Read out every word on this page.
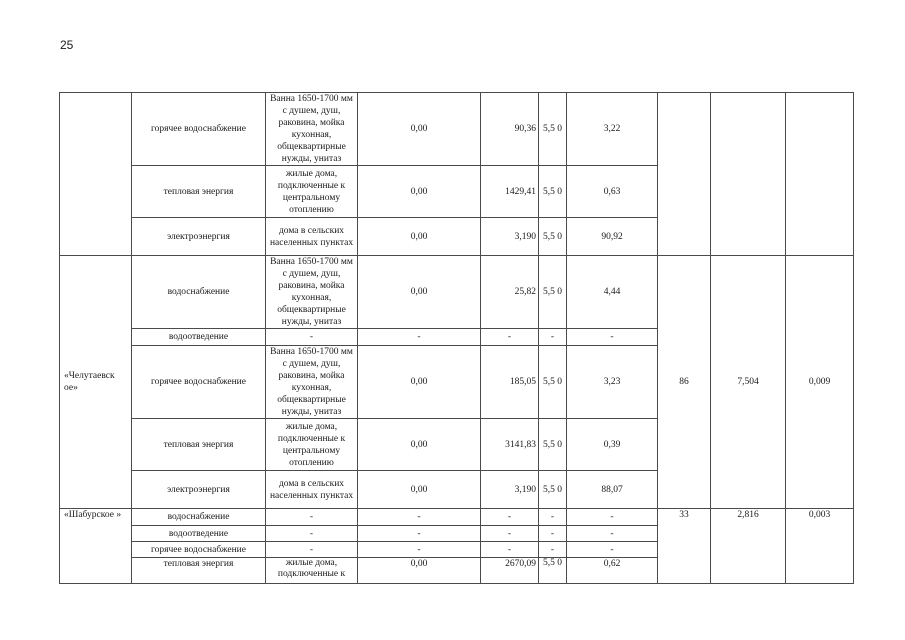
25
	горячее водоснабжение	Ванна 1650-1700 мм с душем, душ, раковина, мойка кухонная, общеквартирные нужды, унитаз	0,00	90,36	5,5 0	3,22			
	тепловая энергия	жилые дома, подключенные к центральному отоплению	0,00	1429,41	5,5 0	0,63			
	электроэнергия	дома в сельских населенных пунктах	0,00	3,190	5,5 0	90,92			
«Челутаевск ое»	водоснабжение	Ванна 1650-1700 мм с душем, душ, раковина, мойка кухонная, общеквартирные нужды, унитаз	0,00	25,82	5,5 0	4,44	86	7,504	0,009
	водоотведение	-	-	-	-	-			
	горячее водоснабжение	Ванна 1650-1700 мм с душем, душ, раковина, мойка кухонная, общеквартирные нужды, унитаз	0,00	185,05	5,5 0	3,23			
	тепловая энергия	жилые дома, подключенные к центральному отоплению	0,00	3141,83	5,5 0	0,39			
	электроэнергия	дома в сельских населенных пунктах	0,00	3,190	5,5 0	88,07			
«Шабурское »	водоснабжение	-	-	-	-	-	33	2,816	0,003
	водоотведение	-	-	-	-	-			
	горячее водоснабжение	-	-	-	-	-			
	тепловая энергия	жилые дома, подключенные к	0,00	2670,09	5,5 0	0,62			
